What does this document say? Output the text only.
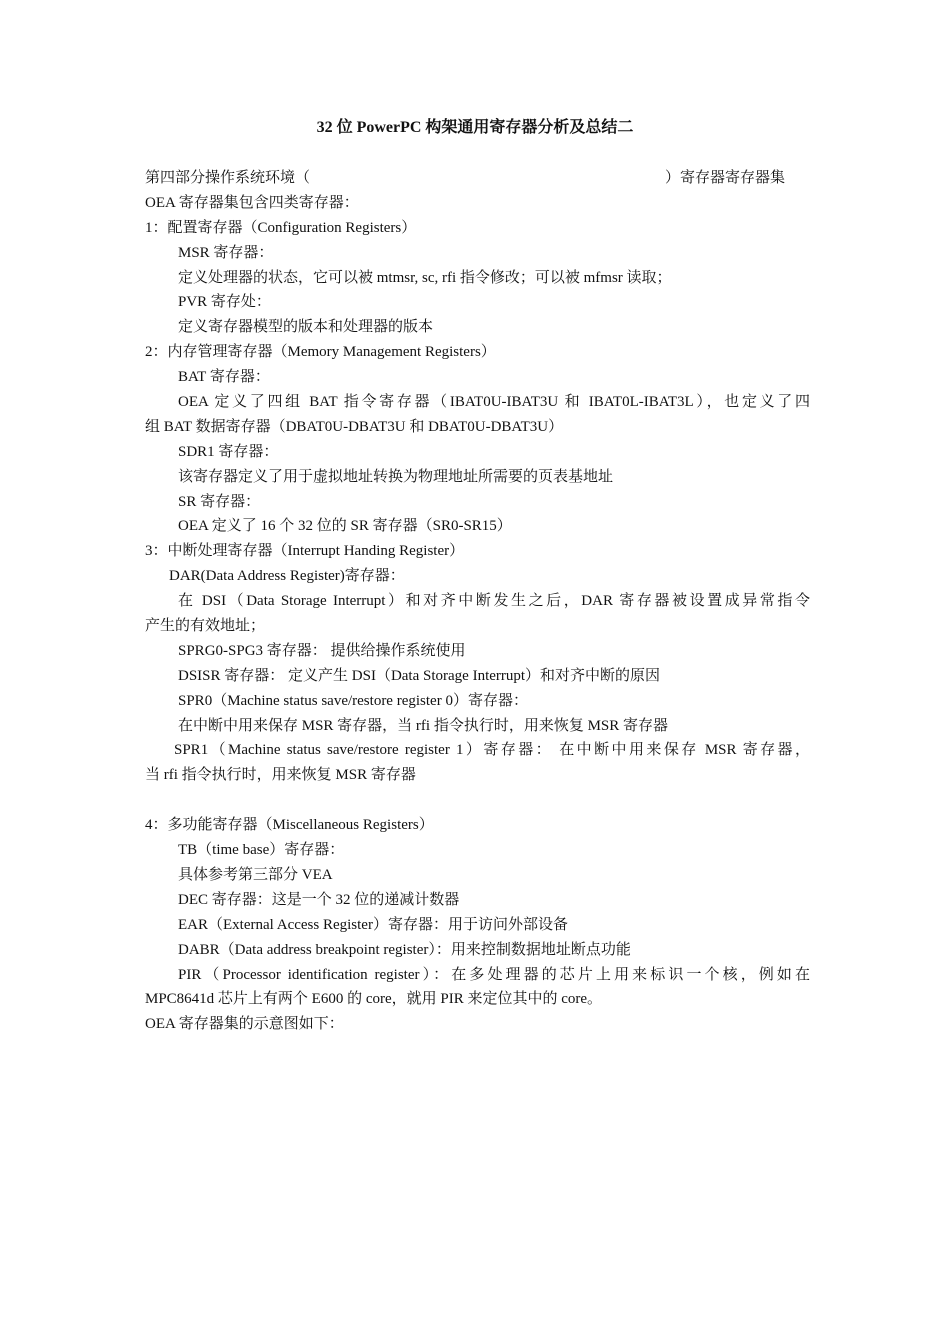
32 位 PowerPC 构架通用寄存器分析及总结二
第四部分操作系统环境（	）寄存器寄存器集
OEA 寄存器集包含四类寄存器：
1：配置寄存器（Configuration Registers）
MSR 寄存器：
定义处理器的状态，它可以被 mtmsr, sc, rfi 指令修改；可以被 mfmsr 读取；
PVR 寄存处：
定义寄存器模型的版本和处理器的版本
2：内存管理寄存器（Memory Management Registers）
BAT 寄存器：
OEA 定义了四组 BAT 指令寄存器（IBAT0U-IBAT3U 和 IBAT0L-IBAT3L），也定义了四
组 BAT 数据寄存器（DBAT0U-DBAT3U 和 DBAT0U-DBAT3U）
SDR1 寄存器：
该寄存器定义了用于虚拟地址转换为物理地址所需要的页表基地址
SR 寄存器：
OEA 定义了 16 个 32 位的 SR 寄存器（SR0-SR15）
3：中断处理寄存器（Interrupt Handing Register）
DAR(Data Address Register)寄存器：
在 DSI（Data Storage Interrupt）和对齐中断发生之后，DAR 寄存器被设置成异常指令
产生的有效地址；
SPRG0-SPG3 寄存器： 提供给操作系统使用
DSISR 寄存器： 定义产生 DSI（Data Storage Interrupt）和对齐中断的原因
SPR0（Machine status save/restore register 0）寄存器：
在中断中用来保存 MSR 寄存器，当 rfi 指令执行时，用来恢复 MSR 寄存器
SPR1（Machine status save/restore register 1）寄存器： 在中断中用来保存 MSR 寄存器，
当 rfi 指令执行时，用来恢复 MSR 寄存器
4：多功能寄存器（Miscellaneous Registers）
TB（time base）寄存器：
具体参考第三部分 VEA
DEC 寄存器：这是一个 32 位的递减计数器
EAR（External Access Register）寄存器：用于访问外部设备
DABR（Data address breakpoint register）：用来控制数据地址断点功能
PIR（Processor identification register）：在多处理器的芯片上用来标识一个核，例如在
MPC8641d 芯片上有两个 E600 的 core，就用 PIR 来定位其中的 core。
OEA 寄存器集的示意图如下：
